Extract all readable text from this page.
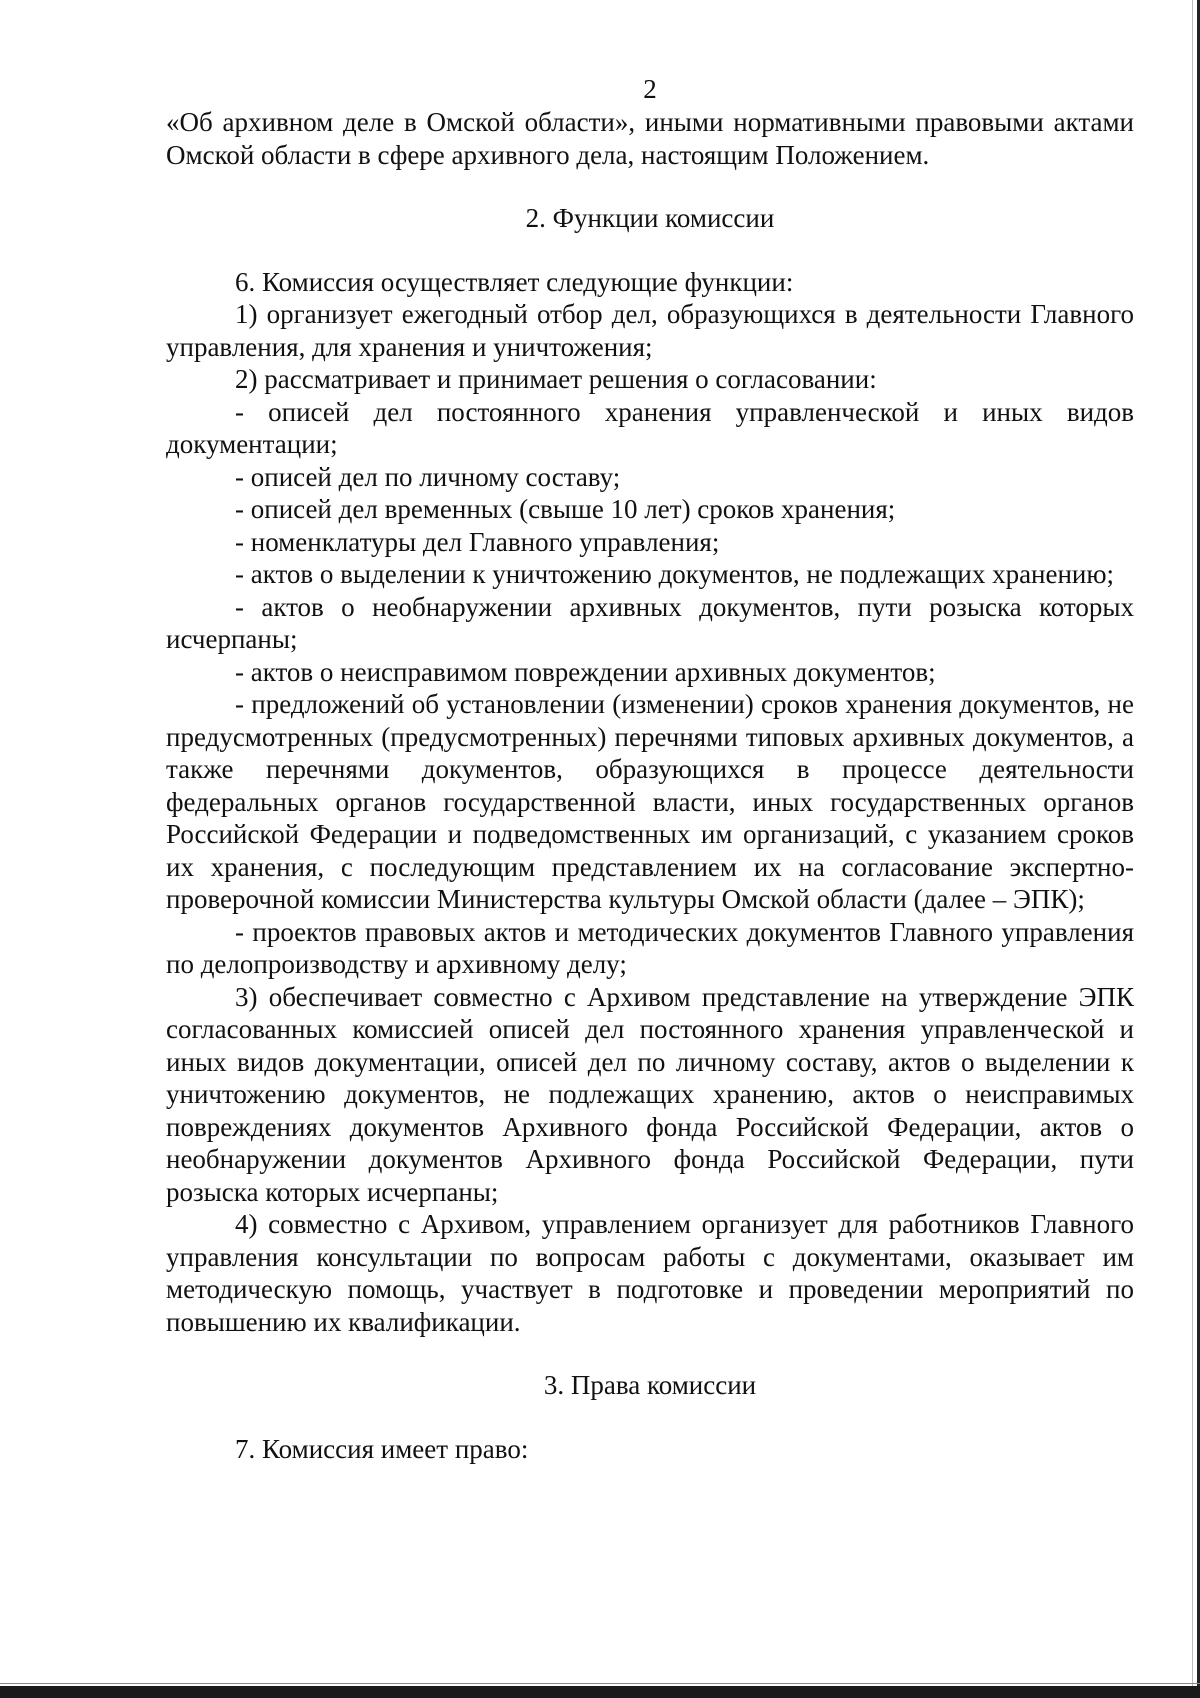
2

«Об архивном деле в Омской области», иными нормативными правовыми актами Омской области в сфере архивного дела, настоящим Положением.

2. Функции комиссии

6. Комиссия осуществляет следующие функции:

1) организует ежегодный отбор дел, образующихся в деятельности Главного управления, для хранения и уничтожения;

2) рассматривает и принимает решения о согласовании:

- описей дел постоянного хранения управленческой и иных видов документации;

- описей дел по личному составу;

- описей дел временных (свыше 10 лет) сроков хранения;

- номенклатуры дел Главного управления;

- актов о выделении к уничтожению документов, не подлежащих хранению;

- актов о необнаружении архивных документов, пути розыска которых исчерпаны;

- актов о неисправимом повреждении архивных документов;

- предложений об установлении (изменении) сроков хранения документов, не предусмотренных (предусмотренных) перечнями типовых архивных документов, а также перечнями документов, образующихся в процессе деятельности федеральных органов государственной власти, иных государственных органов Российской Федерации и подведомственных им организаций, с указанием сроков их хранения, с последующим представлением их на согласование экспертно-проверочной комиссии Министерства культуры Омской области (далее – ЭПК);

- проектов правовых актов и методических документов Главного управления по делопроизводству и архивному делу;

3) обеспечивает совместно с Архивом представление на утверждение ЭПК согласованных комиссией описей дел постоянного хранения управленческой и иных видов документации, описей дел по личному составу, актов о выделении к уничтожению документов, не подлежащих хранению, актов о неисправимых повреждениях документов Архивного фонда Российской Федерации, актов о необнаружении документов Архивного фонда Российской Федерации, пути розыска которых исчерпаны;

4) совместно с Архивом, управлением организует для работников Главного управления консультации по вопросам работы с документами, оказывает им методическую помощь, участвует в подготовке и проведении мероприятий по повышению их квалификации.

3. Права комиссии

7. Комиссия имеет право:
